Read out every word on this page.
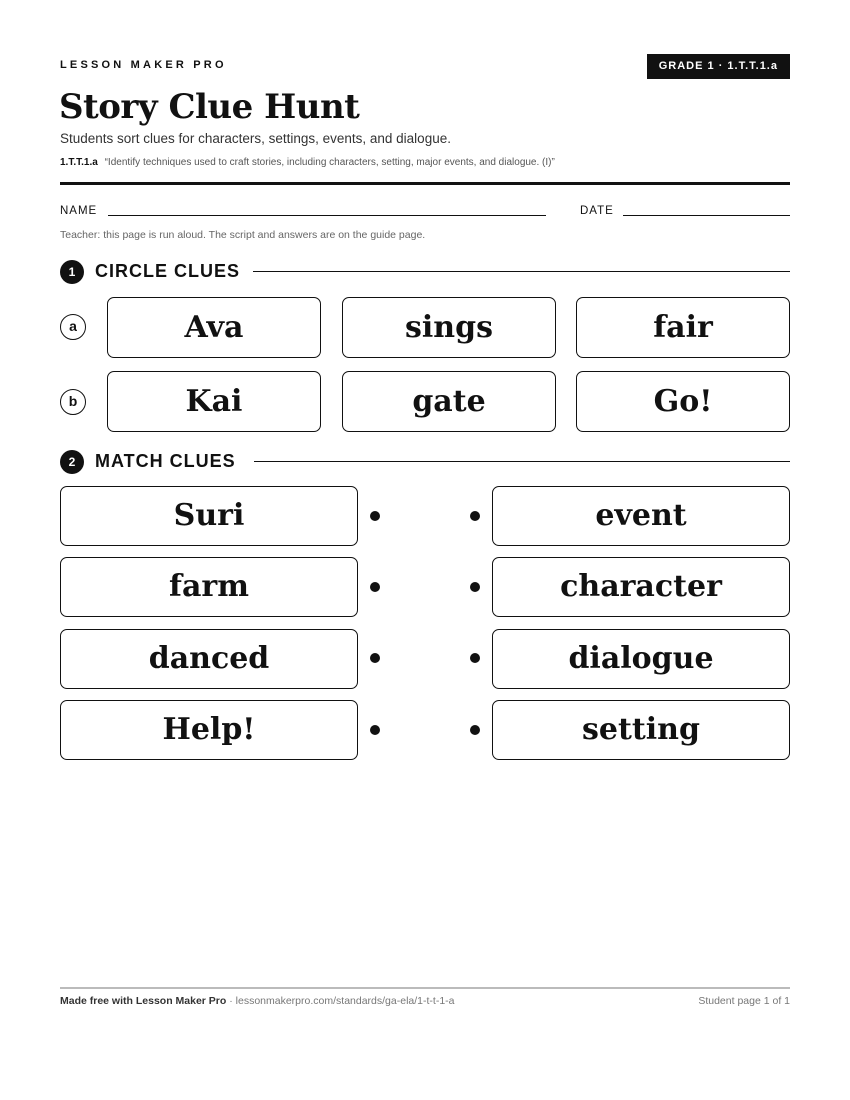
LESSON MAKER PRO	GRADE 1 · 1.T.T.1.a
Story Clue Hunt
Students sort clues for characters, settings, events, and dialogue.
1.T.T.1.a “Identify techniques used to craft stories, including characters, setting, major events, and dialogue. (I)”
NAME	DATE
Teacher: this page is run aloud. The script and answers are on the guide page.
1	CIRCLE CLUES
a	Ava	sings	fair
b	Kai	gate	Go!
2	MATCH CLUES
Suri	event
farm	character
danced	dialogue
Help!	setting
Made free with Lesson Maker Pro · lessonmakerpro.com/standards/ga-ela/1-t-t-1-a	Student page 1 of 1
